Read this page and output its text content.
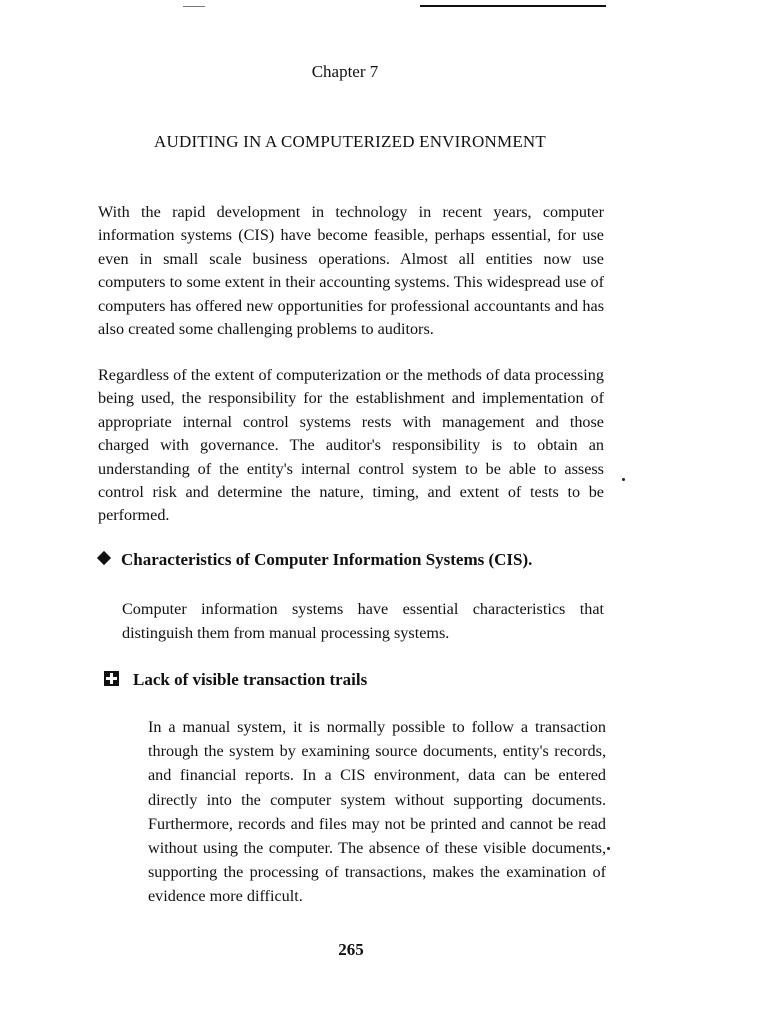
Chapter 7
AUDITING IN A COMPUTERIZED ENVIRONMENT

With the rapid development in technology in recent years, computer information systems (CIS) have become feasible, perhaps essential, for use even in small scale business operations. Almost all entities now use computers to some extent in their accounting systems. This widespread use of computers has offered new opportunities for professional accountants and has also created some challenging problems to auditors.

Regardless of the extent of computerization or the methods of data processing being used, the responsibility for the establishment and implementation of appropriate internal control systems rests with management and those charged with governance. The auditor's responsibility is to obtain an understanding of the entity's internal control system to be able to assess control risk and determine the nature, timing, and extent of tests to be performed.

Characteristics of Computer Information Systems (CIS).

Computer information systems have essential characteristics that distinguish them from manual processing systems.

Lack of visible transaction trails

In a manual system, it is normally possible to follow a transaction through the system by examining source documents, entity's records, and financial reports. In a CIS environment, data can be entered directly into the computer system without supporting documents. Furthermore, records and files may not be printed and cannot be read without using the computer. The absence of these visible documents, supporting the processing of transactions, makes the examination of evidence more difficult.

265
